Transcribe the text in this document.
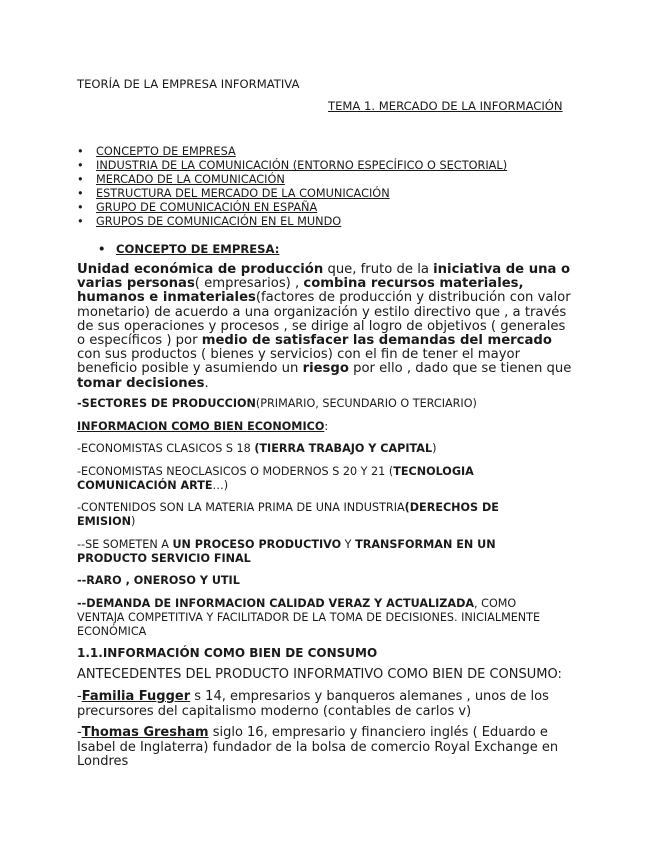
TEORÍA DE LA EMPRESA INFORMATIVA
TEMA 1. MERCADO DE LA INFORMACIÓN
• CONCEPTO DE EMPRESA
• INDUSTRIA DE LA COMUNICACIÓN (ENTORNO ESPECÍFICO O SECTORIAL)
• MERCADO DE LA COMUNICACIÓN
• ESTRUCTURA DEL MERCADO DE LA COMUNICACIÓN
• GRUPO DE COMUNICACIÓN EN ESPAÑA
• GRUPOS DE COMUNICACIÓN EN EL MUNDO
• CONCEPTO DE EMPRESA:
Unidad económica de producción que, fruto de la iniciativa de una o varias personas( empresarios) , combina recursos materiales, humanos e inmateriales(factores de producción y distribución con valor monetario) de acuerdo a una organización y estilo directivo que , a través de sus operaciones y procesos , se dirige al logro de objetivos ( generales o específicos ) por medio de satisfacer las demandas del mercado con sus productos ( bienes y servicios) con el fin de tener el mayor beneficio posible y asumiendo un riesgo por ello , dado que se tienen que tomar decisiones.
-SECTORES DE PRODUCCION(PRIMARIO, SECUNDARIO O TERCIARIO)
INFORMACION COMO BIEN ECONOMICO:
-ECONOMISTAS CLASICOS S 18 (TIERRA TRABAJO Y CAPITAL)
-ECONOMISTAS NEOCLASICOS O MODERNOS S 20 Y 21 (TECNOLOGIA COMUNICACIÓN ARTE…)
-CONTENIDOS SON LA MATERIA PRIMA DE UNA INDUSTRIA(DERECHOS DE EMISION)
--SE SOMETEN A UN PROCESO PRODUCTIVO Y TRANSFORMAN EN UN PRODUCTO SERVICIO FINAL
--RARO , ONEROSO Y UTIL
--DEMANDA DE INFORMACION CALIDAD VERAZ Y ACTUALIZADA, COMO VENTAJA COMPETITIVA Y FACILITADOR DE LA TOMA DE DECISIONES. INICIALMENTE ECONÓMICA
1.1.INFORMACIÓN COMO BIEN DE CONSUMO
ANTECEDENTES DEL PRODUCTO INFORMATIVO COMO BIEN DE CONSUMO:
-Familia Fugger s 14, empresarios y banqueros alemanes , unos de los precursores del capitalismo moderno (contables de carlos v)
-Thomas Gresham siglo 16, empresario y financiero inglés ( Eduardo e Isabel de Inglaterra) fundador de la bolsa de comercio Royal Exchange en Londres
